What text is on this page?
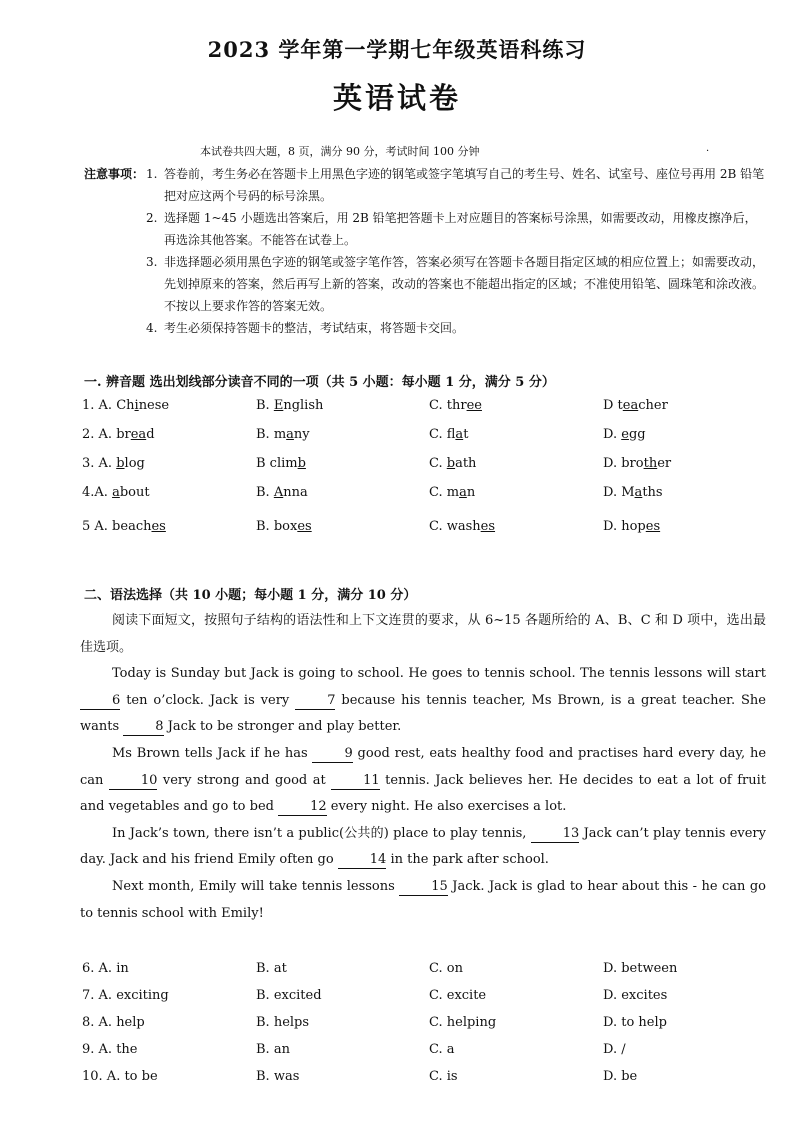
2023 学年第一学期七年级英语科练习
英语试卷
本试卷共四大题，8 页，满分 90 分，考试时间 100 分钟	·
注意事项： 1. 答卷前，考生务必在答题卡上用黑色字迹的钢笔或签字笔填写自己的考生号、姓名、试室号、座位号再用 2B 铅笔把对应这两个号码的标号涂黑。
2. 选择题 1~45 小题选出答案后，用 2B 铅笔把答题卡上对应题目的答案标号涂黑，如需要改动，用橡皮擦净后，再选涂其他答案。不能答在试卷上。
3. 非选择题必须用黑色字迹的钢笔或签字笔作答，答案必须写在答题卡各题目指定区域的相应位置上；如需要改动，先划掉原来的答案，然后再写上新的答案，改动的答案也不能超出指定的区域；不准使用铅笔、圆珠笔和涂改液。不按以上要求作答的答案无效。
4. 考生必须保持答题卡的整洁，考试结束，将答题卡交回。
一. 辨音题 选出划线部分读音不同的一项（共 5 小题：每小题 1 分，满分 5 分）
1. A. Chinese	B. English	C. three	D teacher
2. A. bread	B. many	C. flat	D. egg
3. A. blog	B climb	C. bath	D. brother
4.A. about	B. Anna	C. man	D. Maths
5 A. beaches	B. boxes	C. washes	D. hopes
二、语法选择（共 10 小题；每小题 1 分，满分 10 分）

阅读下面短文，按照句子结构的语法性和上下文连贯的要求，从 6~15 各题所给的 A、B、C 和 D 项中，选出最佳选项。

Today is Sunday but Jack is going to school. He goes to tennis school. The tennis lessons will start 6 ten o’clock. Jack is very 7 because his tennis teacher, Ms Brown, is a great teacher. She wants 8 Jack to be stronger and play better.

Ms Brown tells Jack if he has 9 good rest, eats healthy food and practises hard every day, he can 10 very strong and good at 11 tennis. Jack believes her. He decides to eat a lot of fruit and vegetables and go to bed 12 every night. He also exercises a lot.

In Jack’s town, there isn’t a public(公共的) place to play tennis, 13 Jack can’t play tennis every day. Jack and his friend Emily often go 14 in the park after school.

Next month, Emily will take tennis lessons 15 Jack. Jack is glad to hear about this - he can go to tennis school with Emily!

6. A. in	B. at	C. on	D. between
7. A. exciting	B. excited	C. excite	D. excites
8. A. help	B. helps	C. helping	D. to help
9. A. the	B. an	C. a	D. /
10. A. to be	B. was	C. is	D. be
